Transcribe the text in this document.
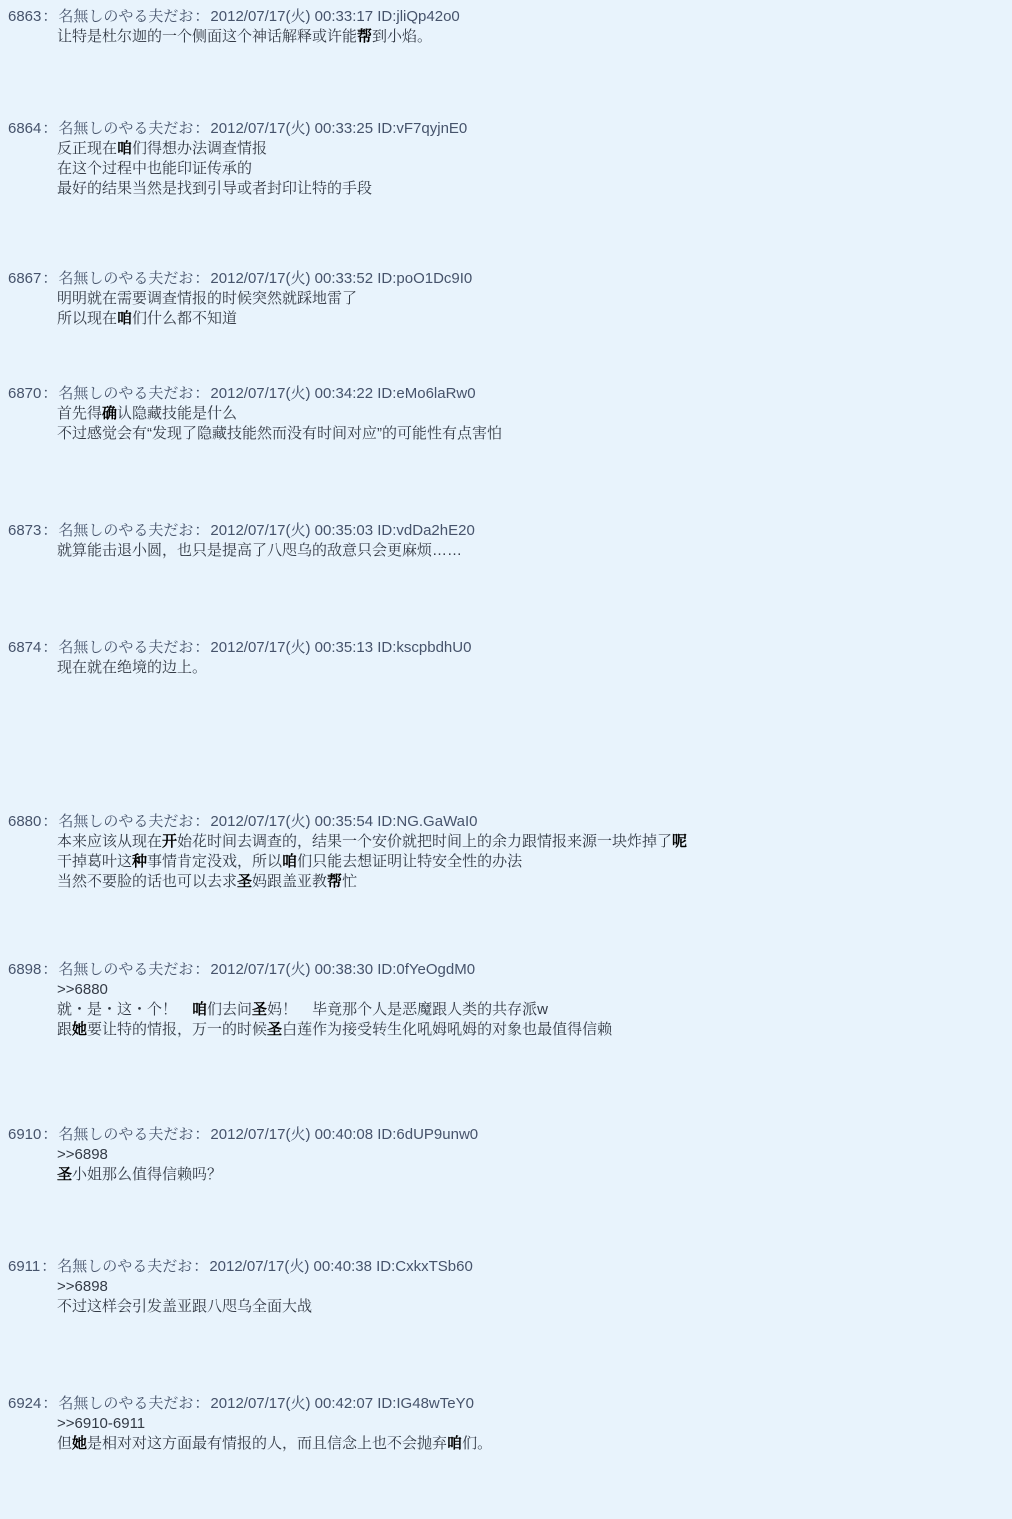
6863：名無しのやる夫だお：2012/07/17(火) 00:33:17 ID:jliQp42o0
让特是杜尔迦的一个侧面这个神话解释或许能帮到小焰。
6864：名無しのやる夫だお：2012/07/17(火) 00:33:25 ID:vF7qyjnE0
反正现在咱们得想办法调查情报
在这个过程中也能印证传承的
最好的结果当然是找到引导或者封印让特的手段
6867：名無しのやる夫だお：2012/07/17(火) 00:33:52 ID:poO1Dc9I0
明明就在需要调查情报的时候突然就踩地雷了
所以现在咱们什么都不知道
6870：名無しのやる夫だお：2012/07/17(火) 00:34:22 ID:eMo6laRw0
首先得确认隐藏技能是什么
不过感觉会有“发现了隐藏技能然而没有时间对应”的可能性有点害怕
6873：名無しのやる夫だお：2012/07/17(火) 00:35:03 ID:vdDa2hE20
就算能击退小圆，也只是提高了八咫乌的敌意只会更麻烦……
6874：名無しのやる夫だお：2012/07/17(火) 00:35:13 ID:kscpbdhU0
现在就在绝境的边上。
6880：名無しのやる夫だお：2012/07/17(火) 00:35:54 ID:NG.GaWaI0
本来应该从现在开始花时间去调查的，结果一个安价就把时间上的余力跟情报来源一块炸掉了呢
干掉葛叶这种事情肯定没戏，所以咱们只能去想证明让特安全性的办法
当然不要脸的话也可以去求圣妈跟盖亚教帮忙
6898：名無しのやる夫だお：2012/07/17(火) 00:38:30 ID:0fYeOgdM0
>>6880
就・是・这・个！　咱们去问圣妈！　毕竟那个人是恶魔跟人类的共存派w
跟她要让特的情报，万一的时候圣白莲作为接受转生化吼姆吼姆的对象也最值得信赖
6910：名無しのやる夫だお：2012/07/17(火) 00:40:08 ID:6dUP9unw0
>>6898
圣小姐那么值得信赖吗？
6911：名無しのやる夫だお：2012/07/17(火) 00:40:38 ID:CxkxTSb60
>>6898
不过这样会引发盖亚跟八咫乌全面大战
6924：名無しのやる夫だお：2012/07/17(火) 00:42:07 ID:IG48wTeY0
>>6910-6911
但她是相对对这方面最有情报的人，而且信念上也不会抛弃咱们。
